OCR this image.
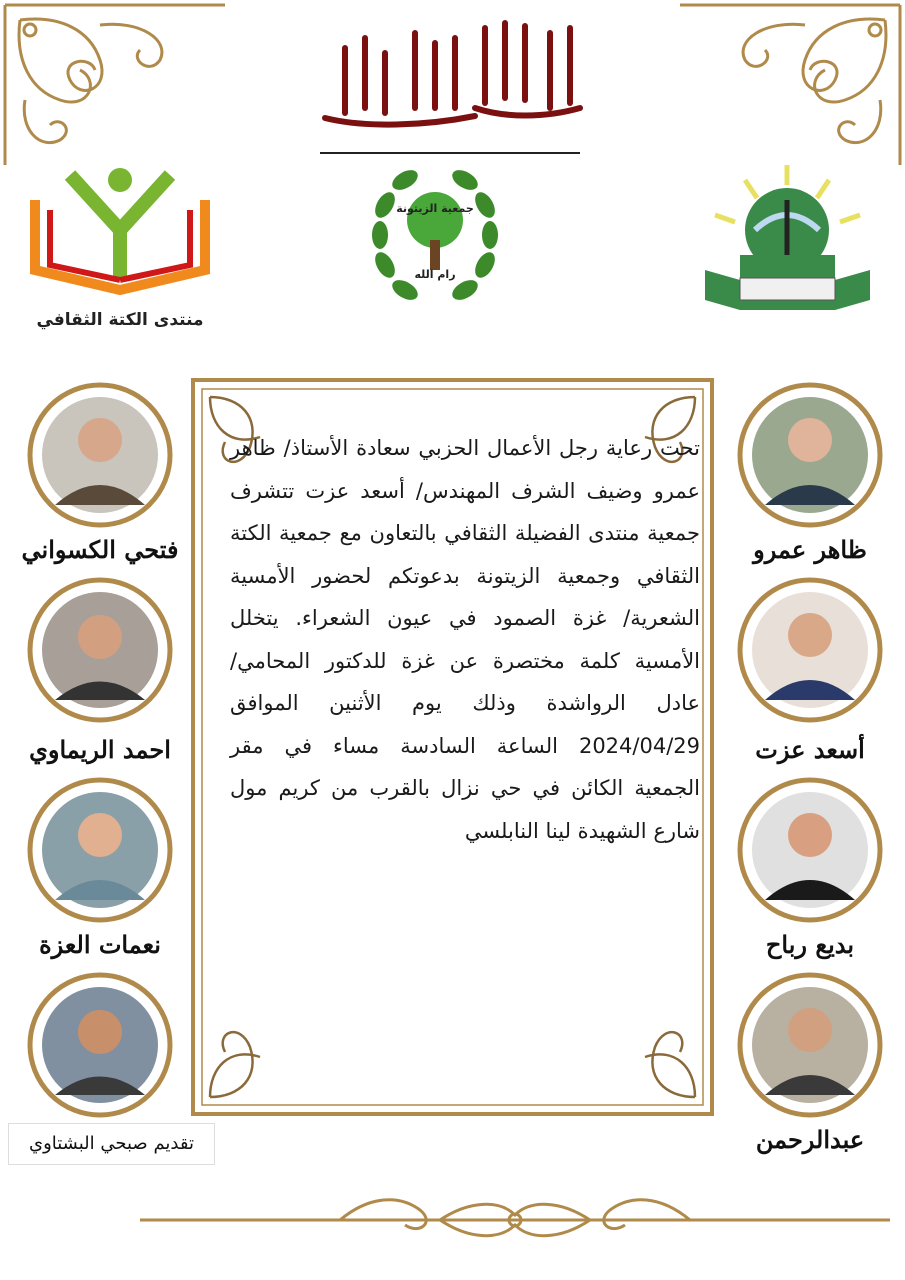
منتدى الكتة الثقافي
جمعية الزيتونة
رام الله
تحت رعاية رجل الأعمال الحزبي سعادة الأستاذ/ ظاهر عمرو وضيف الشرف المهندس/ أسعد عزت تتشرف جمعية منتدى الفضيلة الثقافي بالتعاون مع جمعية الكتة الثقافي وجمعية الزيتونة بدعوتكم لحضور الأمسية الشعرية/ غزة الصمود في عيون الشعراء. يتخلل الأمسية كلمة مختصرة عن غزة للدكتور المحامي/ عادل الرواشدة وذلك يوم الأثنين الموافق 2024/04/29 الساعة السادسة مساء في مقر الجمعية الكائن في حي نزال بالقرب من كريم مول شارع الشهيدة لينا النابلسي
فتحي الكسواني
احمد الريماوي
نعمات العزة
ظاهر عمرو
أسعد عزت
بديع رباح
عبدالرحمن
تقديم صبحي البشتاوي
